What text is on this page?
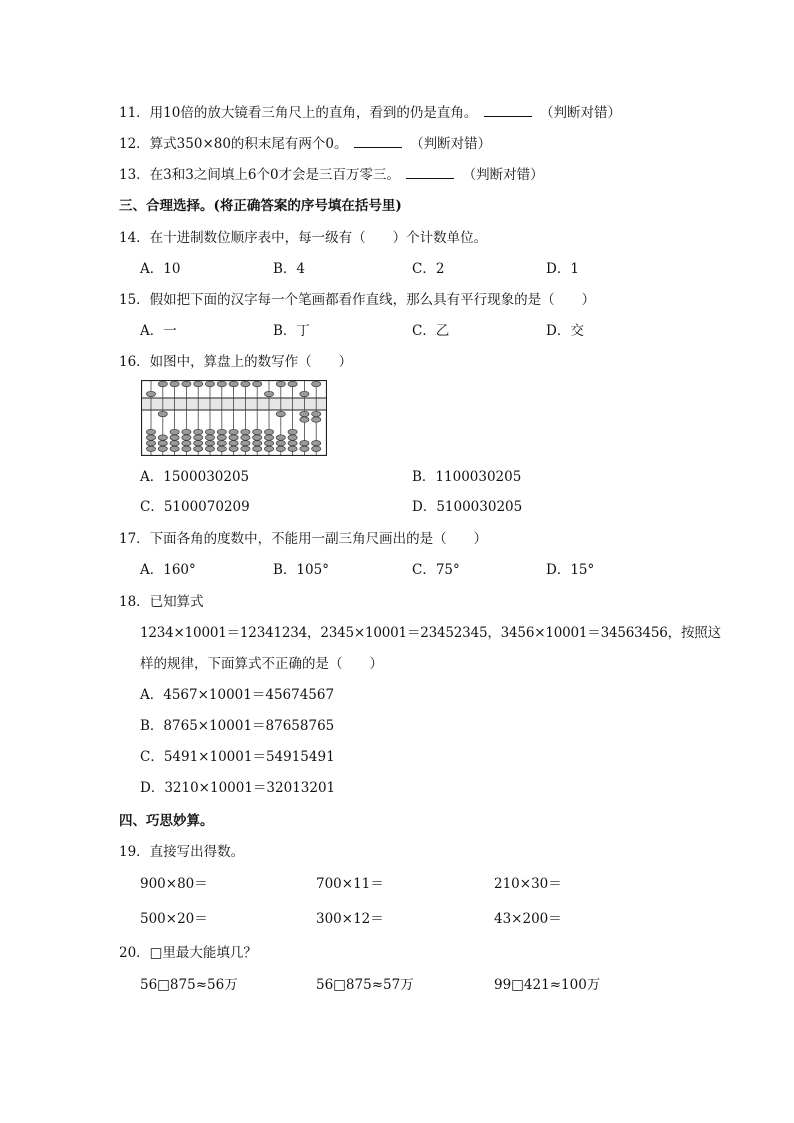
11．用10倍的放大镜看三角尺上的直角，看到的仍是直角。	（判断对错）
12．算式350×80的积末尾有两个0。	（判断对错）
13．在3和3之间填上6个0才会是三百万零三。	（判断对错）
三、合理选择。(将正确答案的序号填在括号里)
14．在十进制数位顺序表中，每一级有（　　）个计数单位。
A．10	B．4	C．2	D．1
15．假如把下面的汉字每一个笔画都看作直线，那么具有平行现象的是（　　）
A．一	B．丁	C．乙	D．交
16．如图中，算盘上的数写作（　　）
A．1500030205	B．1100030205
C．5100070209	D．5100030205
17．下面各角的度数中，不能用一副三角尺画出的是（　　）
A．160°	B．105°	C．75°	D．15°
18．已知算式
1234×10001＝12341234，2345×10001＝23452345，3456×10001＝34563456，按照这
样的规律，下面算式不正确的是（　　）
A．4567×10001＝45674567
B．8765×10001＝87658765
C．5491×10001＝54915491
D．3210×10001＝32013201
四、巧思妙算。
19．直接写出得数。
900×80＝	700×11＝	210×30＝
500×20＝	300×12＝	43×200＝
20．□里最大能填几？
56□875≈56万	56□875≈57万	99□421≈100万
